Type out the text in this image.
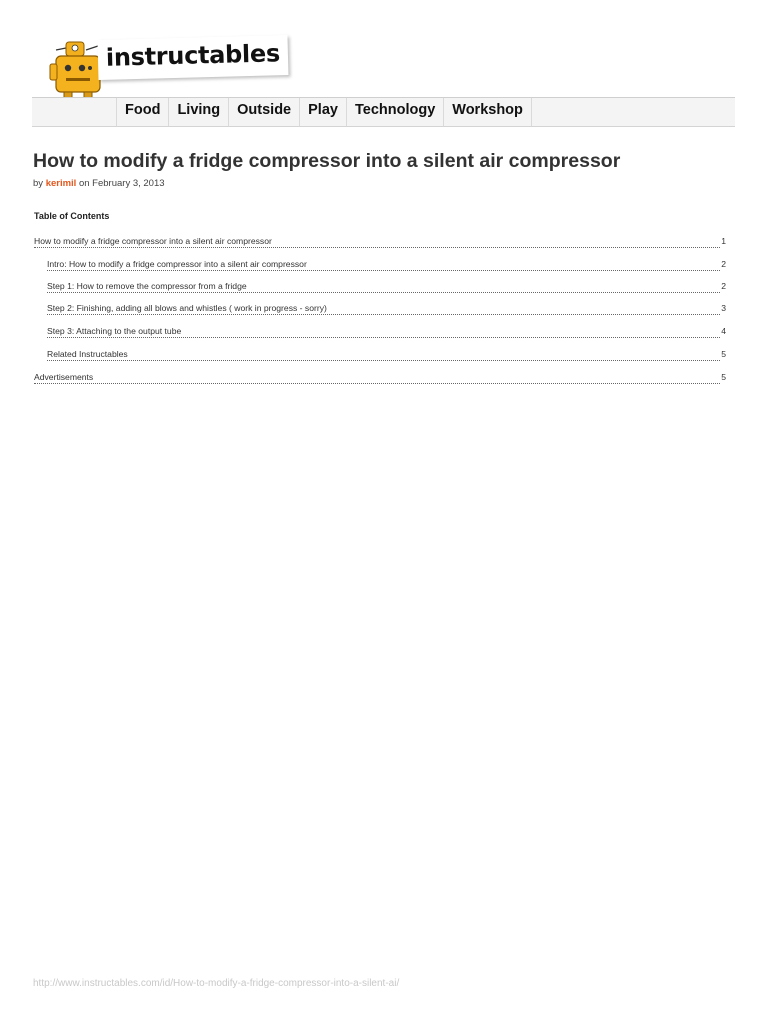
instructables
Food	Living	Outside	Play	Technology	Workshop
How to modify a fridge compressor into a silent air compressor
by kerimil on February 3, 2013
Table of Contents
How to modify a fridge compressor into a silent air compressor	1
Intro: How to modify a fridge compressor into a silent air compressor	2
Step 1: How to remove the compressor from a fridge	2
Step 2: Finishing, adding all blows and whistles ( work in progress - sorry)	3
Step 3: Attaching to the output tube	4
Related Instructables	5
Advertisements	5
http://www.instructables.com/id/How-to-modify-a-fridge-compressor-into-a-silent-ai/
